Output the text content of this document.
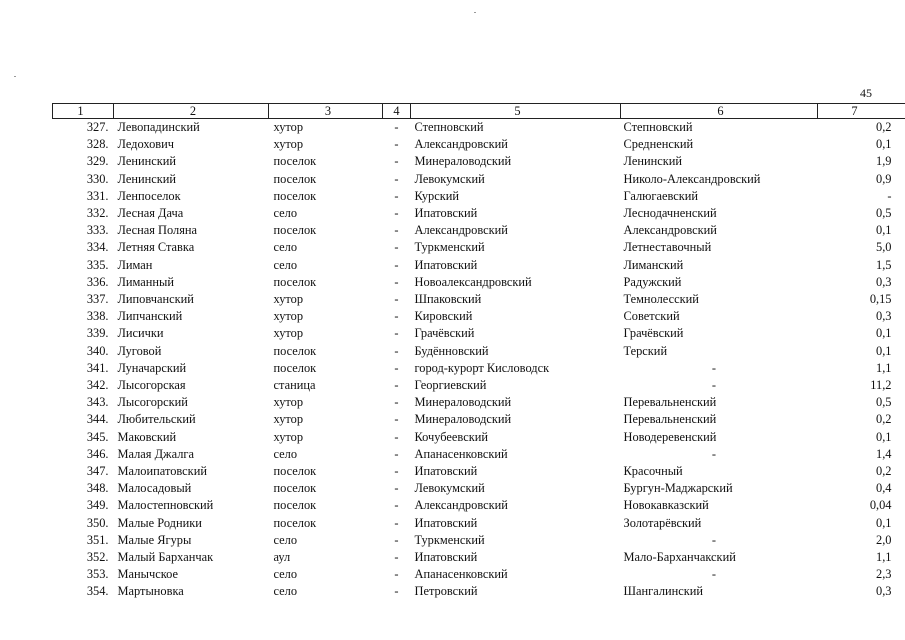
45
1	2	3	4	5	6	7
327.	Левопадинский	хутор	-	Степновский	Степновский	0,2
328.	Ледохович	хутор	-	Александровский	Средненский	0,1
329.	Ленинский	поселок	-	Минераловодский	Ленинский	1,9
330.	Ленинский	поселок	-	Левокумский	Николо-Александровский	0,9
331.	Ленпоселок	поселок	-	Курский	Галюгаевский	-
332.	Лесная Дача	село	-	Ипатовский	Леснодачненский	0,5
333.	Лесная Поляна	поселок	-	Александровский	Александровский	0,1
334.	Летняя Ставка	село	-	Туркменский	Летнеставочный	5,0
335.	Лиман	село	-	Ипатовский	Лиманский	1,5
336.	Лиманный	поселок	-	Новоалександровский	Радужский	0,3
337.	Липовчанский	хутор	-	Шпаковский	Темнолесский	0,15
338.	Липчанский	хутор	-	Кировский	Советский	0,3
339.	Лисички	хутор	-	Грачёвский	Грачёвский	0,1
340.	Луговой	поселок	-	Будённовский	Терский	0,1
341.	Луначарский	поселок	-	город-курорт Кисловодск	-	1,1
342.	Лысогорская	станица	-	Георгиевский	-	11,2
343.	Лысогорский	хутор	-	Минераловодский	Перевальненский	0,5
344.	Любительский	хутор	-	Минераловодский	Перевальненский	0,2
345.	Маковский	хутор	-	Кочубеевский	Новодеревенский	0,1
346.	Малая Джалга	село	-	Апанасенковский	-	1,4
347.	Малоипатовский	поселок	-	Ипатовский	Красочный	0,2
348.	Малосадовый	поселок	-	Левокумский	Бургун-Маджарский	0,4
349.	Малостепновский	поселок	-	Александровский	Новокавказский	0,04
350.	Малые Родники	поселок	-	Ипатовский	Золотарёвский	0,1
351.	Малые Ягуры	село	-	Туркменский	-	2,0
352.	Малый Барханчак	аул	-	Ипатовский	Мало-Барханчакский	1,1
353.	Манычское	село	-	Апанасенковский	-	2,3
354.	Мартыновка	село	-	Петровский	Шангалинский	0,3
